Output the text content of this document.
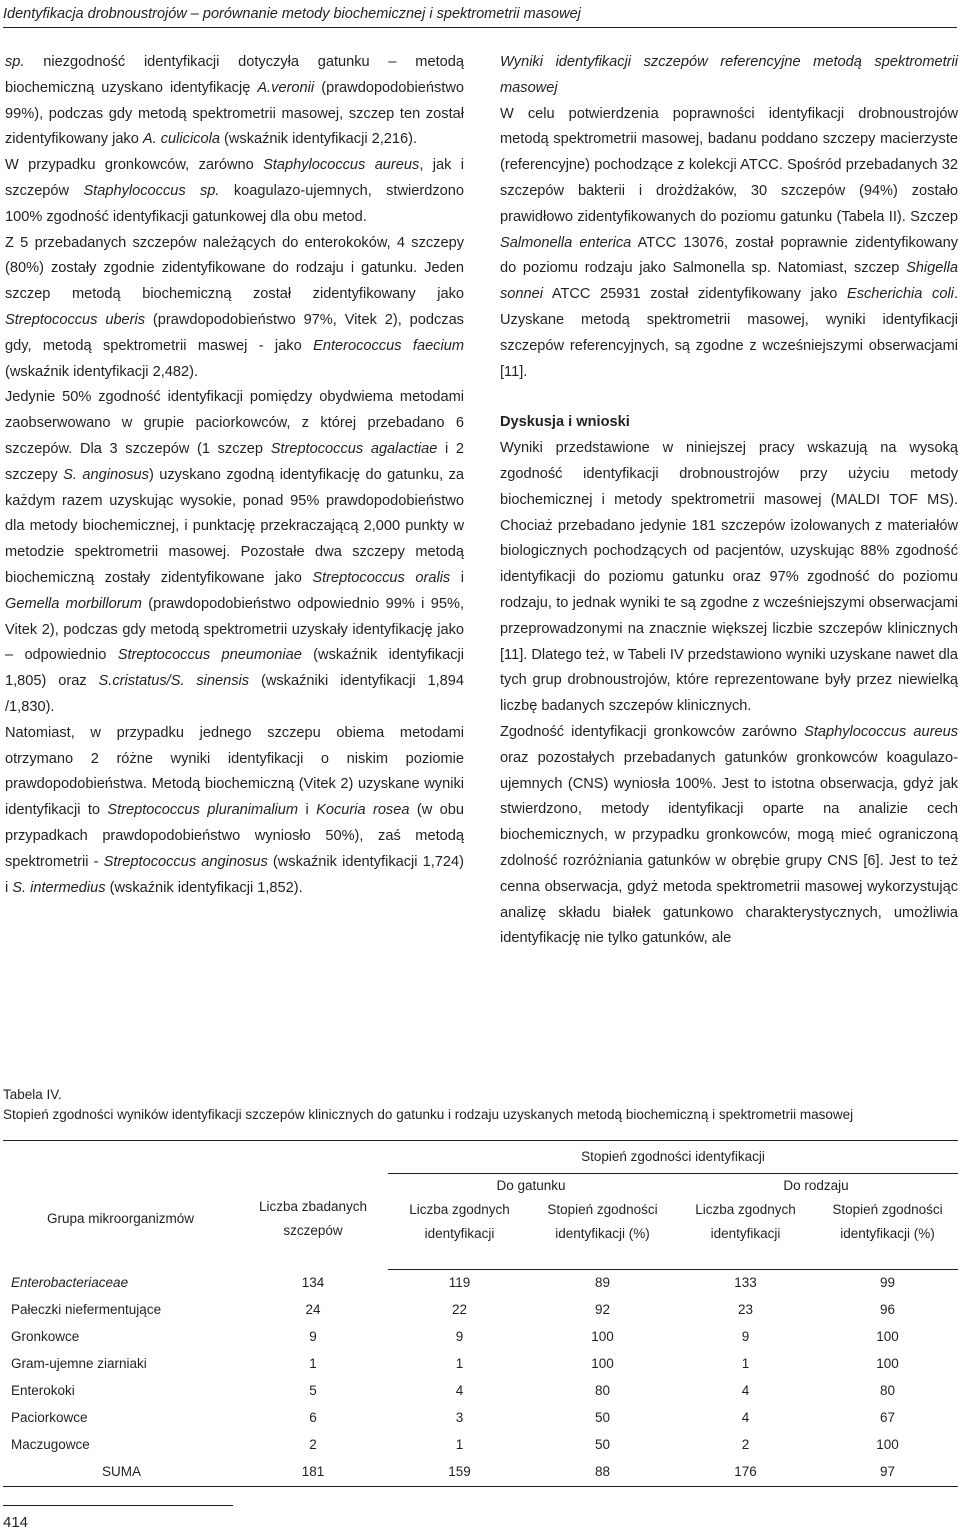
Identyfikacja drobnoustrojów – porównanie metody biochemicznej i spektrometrii masowej

sp. niezgodność identyfikacji dotyczyła gatunku – metodą biochemiczną uzyskano identyfikację A.veronii (prawdopodobieństwo 99%), podczas gdy metodą spektrometrii masowej, szczep ten został zidentyfikowany jako A. culicicola (wskaźnik identyfikacji 2,216).

W przypadku gronkowców, zarówno Staphylococcus aureus, jak i szczepów Staphylococcus sp. koagulazo-ujemnych, stwierdzono 100% zgodność identyfikacji gatunkowej dla obu metod.

Z 5 przebadanych szczepów należących do enterokoków, 4 szczepy (80%) zostały zgodnie zidentyfikowane do rodzaju i gatunku. Jeden szczep metodą biochemiczną został zidentyfikowany jako Streptococcus uberis (prawdopodobieństwo 97%, Vitek 2), podczas gdy, metodą spektrometrii maswej - jako Enterococcus faecium (wskaźnik identyfikacji 2,482).

Jedynie 50% zgodność identyfikacji pomiędzy obydwiema metodami zaobserwowano w grupie paciorkowców, z której przebadano 6 szczepów. Dla 3 szczepów (1 szczep Streptococcus agalactiae i 2 szczepy S. anginosus) uzyskano zgodną identyfikację do gatunku, za każdym razem uzyskując wysokie, ponad 95% prawdopodobieństwo dla metody biochemicznej, i punktację przekraczającą 2,000 punkty w metodzie spektrometrii masowej. Pozostałe dwa szczepy metodą biochemiczną zostały zidentyfikowane jako Streptococcus oralis i Gemella morbillorum (prawdopodobieństwo odpowiednio 99% i 95%, Vitek 2), podczas gdy metodą spektrometrii uzyskały identyfikację jako – odpowiednio Streptococcus pneumoniae (wskaźnik identyfikacji 1,805) oraz S.cristatus/S. sinensis (wskaźniki identyfikacji 1,894 /1,830).

Natomiast, w przypadku jednego szczepu obiema metodami otrzymano 2 różne wyniki identyfikacji o niskim poziomie prawdopodobieństwa. Metodą biochemiczną (Vitek 2) uzyskane wyniki identyfikacji to Streptococcus pluranimalium i Kocuria rosea (w obu przypadkach prawdopodobieństwo wyniosło 50%), zaś metodą spektrometrii - Streptococcus anginosus (wskaźnik identyfikacji 1,724) i S. intermedius (wskaźnik identyfikacji 1,852).

Wyniki identyfikacji szczepów referencyjne metodą spektrometrii masowej

W celu potwierdzenia poprawności identyfikacji drobnoustrojów metodą spektrometrii masowej, badanu poddano szczepy macierzyste (referencyjne) pochodzące z kolekcji ATCC. Spośród przebadanych 32 szczepów bakterii i drożdżaków, 30 szczepów (94%) zostało prawidłowo zidentyfikowanych do poziomu gatunku (Tabela II). Szczep Salmonella enterica ATCC 13076, został poprawnie zidentyfikowany do poziomu rodzaju jako Salmonella sp. Natomiast, szczep Shigella sonnei ATCC 25931 został zidentyfikowany jako Escherichia coli. Uzyskane metodą spektrometrii masowej, wyniki identyfikacji szczepów referencyjnych, są zgodne z wcześniejszymi obserwacjami [11].

Dyskusja i wnioski

Wyniki przedstawione w niniejszej pracy wskazują na wysoką zgodność identyfikacji drobnoustrojów przy użyciu metody biochemicznej i metody spektrometrii masowej (MALDI TOF MS). Chociaż przebadano jedynie 181 szczepów izolowanych z materiałów biologicznych pochodzących od pacjentów, uzyskując 88% zgodność identyfikacji do poziomu gatunku oraz 97% zgodność do poziomu rodzaju, to jednak wyniki te są zgodne z wcześniejszymi obserwacjami przeprowadzonymi na znacznie większej liczbie szczepów klinicznych [11]. Dlatego też, w Tabeli IV przedstawiono wyniki uzyskane nawet dla tych grup drobnoustrojów, które reprezentowane były przez niewielką liczbę badanych szczepów klinicznych.

Zgodność identyfikacji gronkowców zarówno Staphylococcus aureus oraz pozostałych przebadanych gatunków gronkowców koagulazo-ujemnych (CNS) wyniosła 100%. Jest to istotna obserwacja, gdyż jak stwierdzono, metody identyfikacji oparte na analizie cech biochemicznych, w przypadku gronkowców, mogą mieć ograniczoną zdolność rozróżniania gatunków w obrębie grupy CNS [6]. Jest to też cenna obserwacja, gdyż metoda spektrometrii masowej wykorzystując analizę składu białek gatunkowo charakterystycznych, umożliwia identyfikację nie tylko gatunków, ale

Tabela IV.
Stopień zgodności wyników identyfikacji szczepów klinicznych do gatunku i rodzaju uzyskanych metodą biochemiczną i spektrometrii masowej
Grupa mikroorganizmów	Liczba zbadanych szczepów	Stopień zgodności identyfikacji			
		Do gatunku		Do rodzaju	
		Liczba zgodnych identyfikacji	Stopień zgodności identyfikacji (%)	Liczba zgodnych identyfikacji	Stopień zgodności identyfikacji (%)
Enterobacteriaceae	134	119	89	133	99
Pałeczki niefermentujące	24	22	92	23	96
Gronkowce	9	9	100	9	100
Gram-ujemne ziarniaki	1	1	100	1	100
Enterokoki	5	4	80	4	80
Paciorkowce	6	3	50	4	67
Maczugowce	2	1	50	2	100
SUMA	181	159	88	176	97
414
